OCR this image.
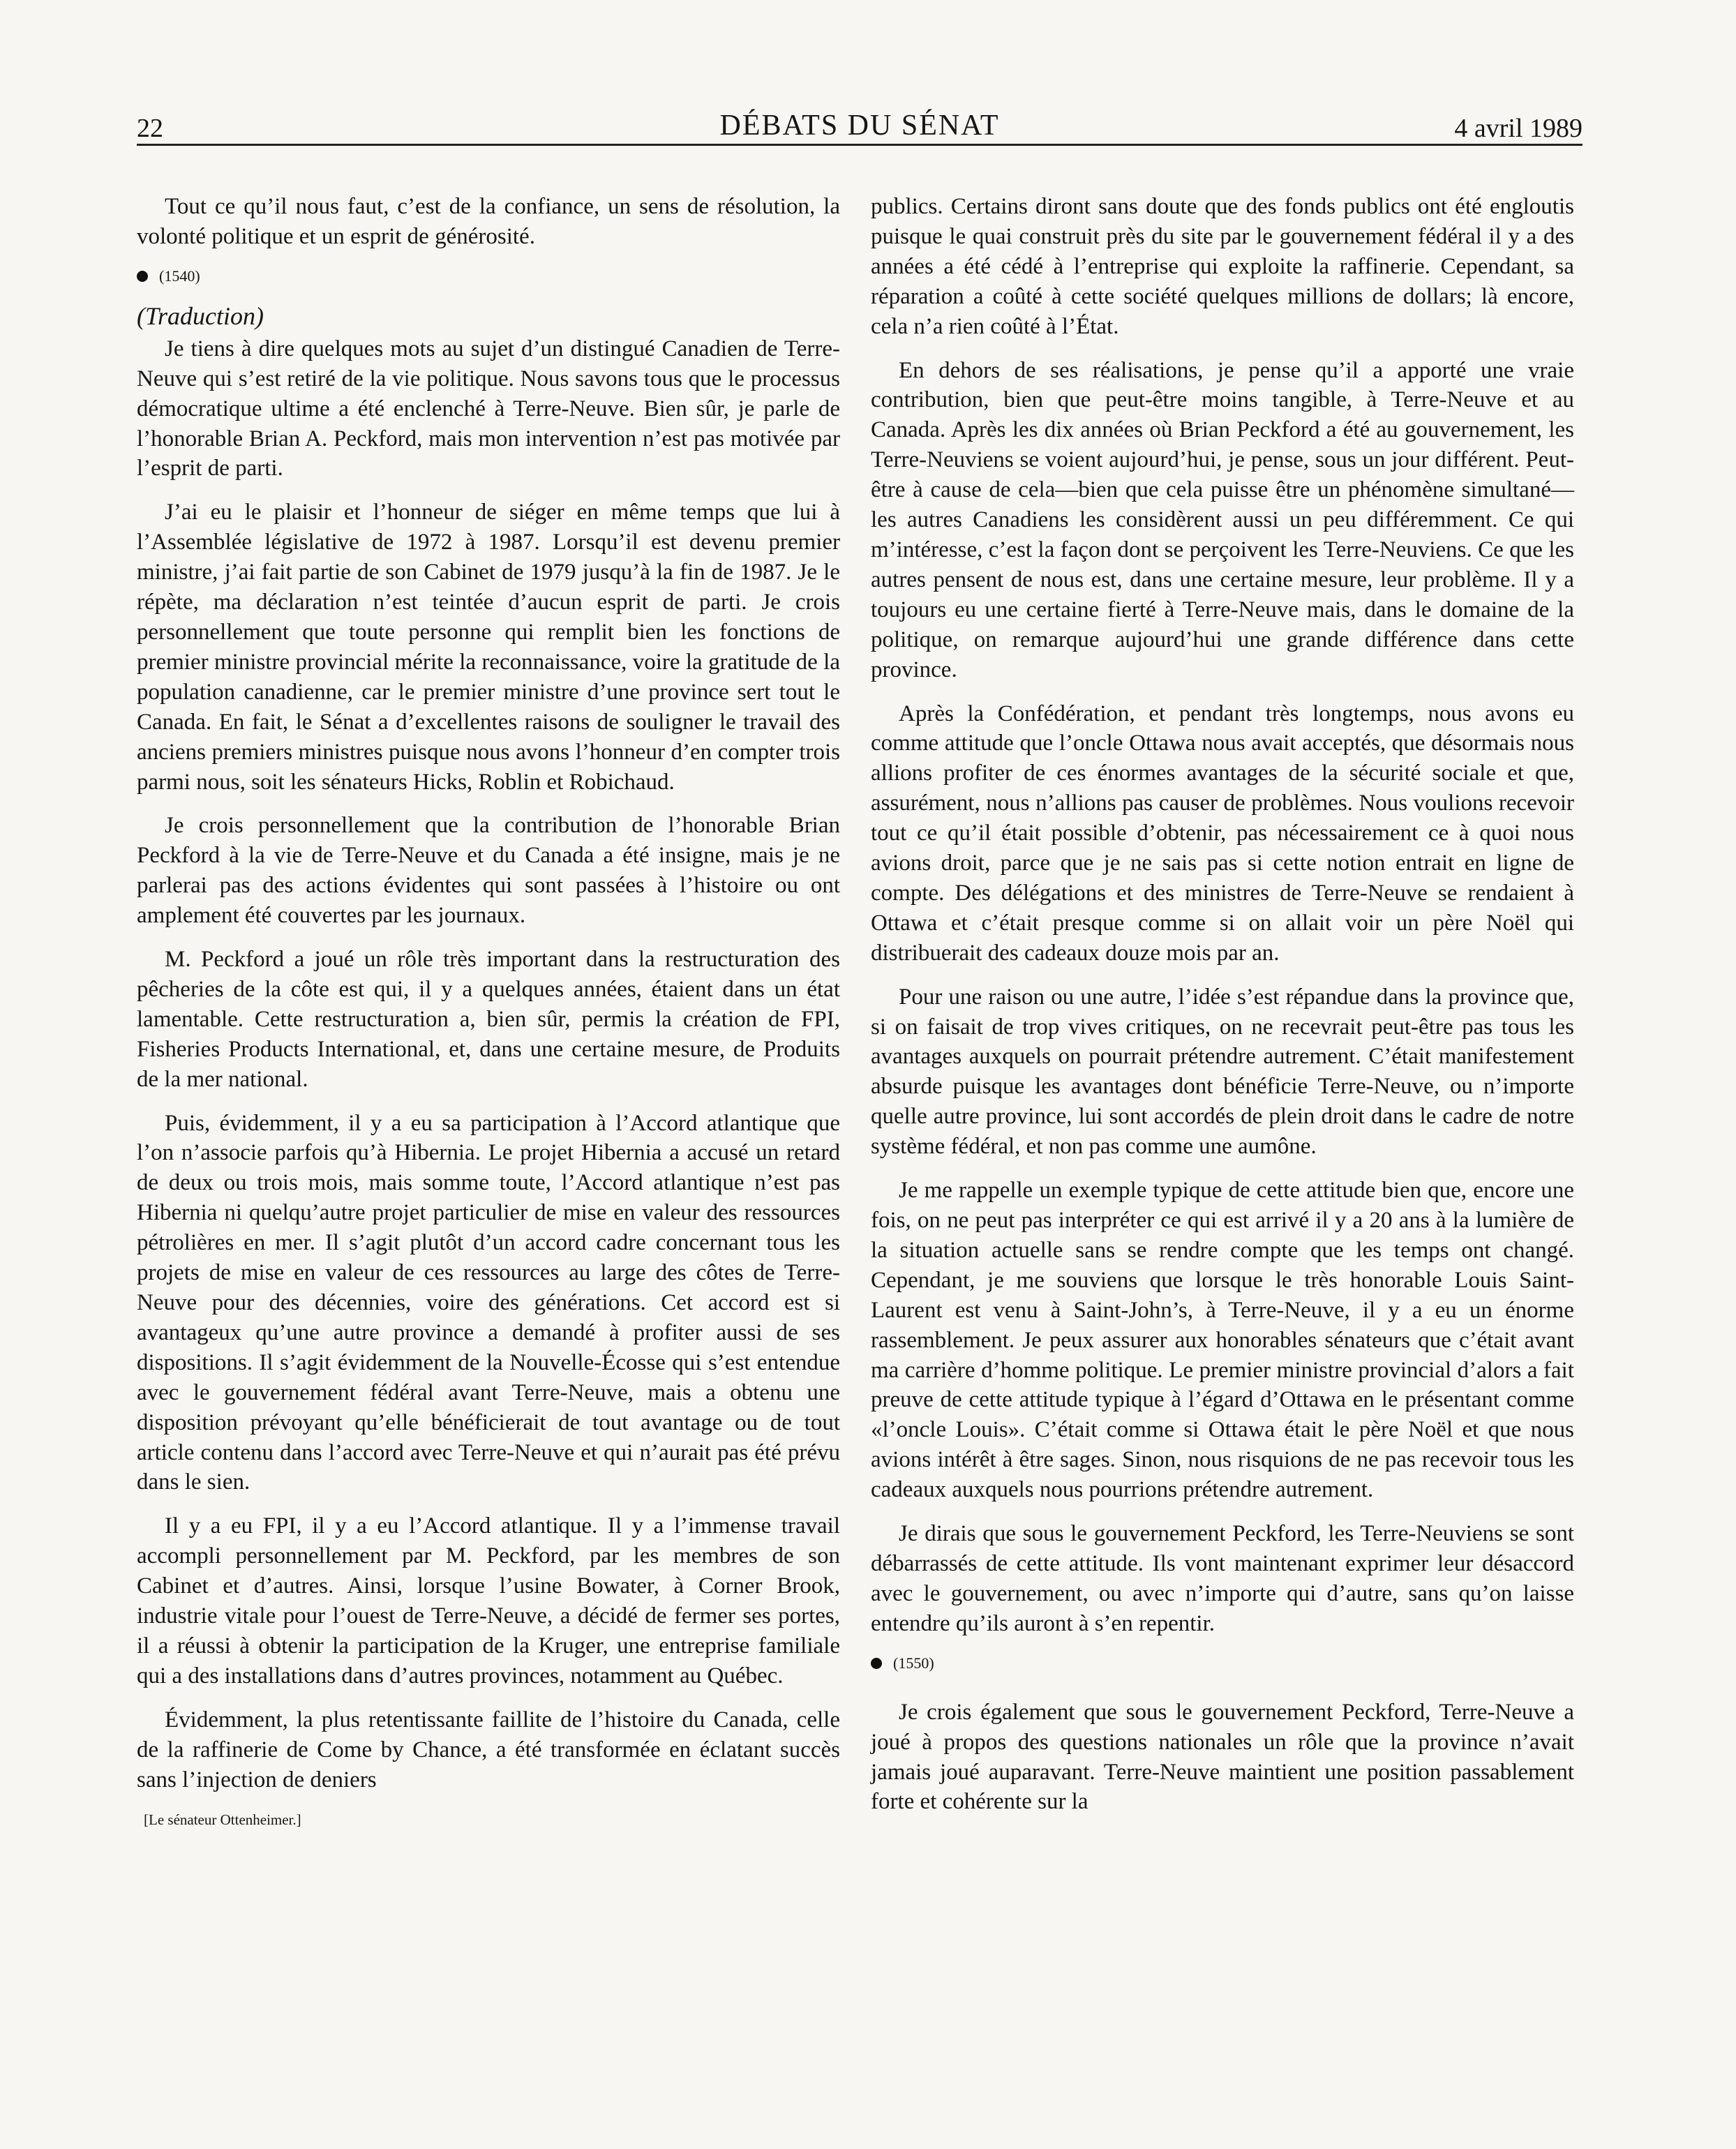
22	DÉBATS DU SÉNAT	4 avril 1989

Tout ce qu’il nous faut, c’est de la confiance, un sens de résolution, la volonté politique et un esprit de générosité.

(1540)
(Traduction)

Je tiens à dire quelques mots au sujet d’un distingué Canadien de Terre-Neuve qui s’est retiré de la vie politique. Nous savons tous que le processus démocratique ultime a été enclenché à Terre-Neuve. Bien sûr, je parle de l’honorable Brian A. Peckford, mais mon intervention n’est pas motivée par l’esprit de parti.

J’ai eu le plaisir et l’honneur de siéger en même temps que lui à l’Assemblée législative de 1972 à 1987. Lorsqu’il est devenu premier ministre, j’ai fait partie de son Cabinet de 1979 jusqu’à la fin de 1987. Je le répète, ma déclaration n’est teintée d’aucun esprit de parti. Je crois personnellement que toute personne qui remplit bien les fonctions de premier ministre provincial mérite la reconnaissance, voire la gratitude de la population canadienne, car le premier ministre d’une province sert tout le Canada. En fait, le Sénat a d’excellentes raisons de souligner le travail des anciens premiers ministres puisque nous avons l’honneur d’en compter trois parmi nous, soit les sénateurs Hicks, Roblin et Robichaud.

Je crois personnellement que la contribution de l’honorable Brian Peckford à la vie de Terre-Neuve et du Canada a été insigne, mais je ne parlerai pas des actions évidentes qui sont passées à l’histoire ou ont amplement été couvertes par les journaux.

M. Peckford a joué un rôle très important dans la restructuration des pêcheries de la côte est qui, il y a quelques années, étaient dans un état lamentable. Cette restructuration a, bien sûr, permis la création de FPI, Fisheries Products International, et, dans une certaine mesure, de Produits de la mer national.

Puis, évidemment, il y a eu sa participation à l’Accord atlantique que l’on n’associe parfois qu’à Hibernia. Le projet Hibernia a accusé un retard de deux ou trois mois, mais somme toute, l’Accord atlantique n’est pas Hibernia ni quelqu’autre projet particulier de mise en valeur des ressources pétrolières en mer. Il s’agit plutôt d’un accord cadre concernant tous les projets de mise en valeur de ces ressources au large des côtes de Terre-Neuve pour des décennies, voire des générations. Cet accord est si avantageux qu’une autre province a demandé à profiter aussi de ses dispositions. Il s’agit évidemment de la Nouvelle-Écosse qui s’est entendue avec le gouvernement fédéral avant Terre-Neuve, mais a obtenu une disposition prévoyant qu’elle bénéficierait de tout avantage ou de tout article contenu dans l’accord avec Terre-Neuve et qui n’aurait pas été prévu dans le sien.

Il y a eu FPI, il y a eu l’Accord atlantique. Il y a l’immense travail accompli personnellement par M. Peckford, par les membres de son Cabinet et d’autres. Ainsi, lorsque l’usine Bowater, à Corner Brook, industrie vitale pour l’ouest de Terre-Neuve, a décidé de fermer ses portes, il a réussi à obtenir la participation de la Kruger, une entreprise familiale qui a des installations dans d’autres provinces, notamment au Québec.

Évidemment, la plus retentissante faillite de l’histoire du Canada, celle de la raffinerie de Come by Chance, a été transformée en éclatant succès sans l’injection de deniers

[Le sénateur Ottenheimer.]

publics. Certains diront sans doute que des fonds publics ont été engloutis puisque le quai construit près du site par le gouvernement fédéral il y a des années a été cédé à l’entreprise qui exploite la raffinerie. Cependant, sa réparation a coûté à cette société quelques millions de dollars; là encore, cela n’a rien coûté à l’État.

En dehors de ses réalisations, je pense qu’il a apporté une vraie contribution, bien que peut-être moins tangible, à Terre-Neuve et au Canada. Après les dix années où Brian Peckford a été au gouvernement, les Terre-Neuviens se voient aujourd’hui, je pense, sous un jour différent. Peut-être à cause de cela—bien que cela puisse être un phénomène simultané—les autres Canadiens les considèrent aussi un peu différemment. Ce qui m’intéresse, c’est la façon dont se perçoivent les Terre-Neuviens. Ce que les autres pensent de nous est, dans une certaine mesure, leur problème. Il y a toujours eu une certaine fierté à Terre-Neuve mais, dans le domaine de la politique, on remarque aujourd’hui une grande différence dans cette province.

Après la Confédération, et pendant très longtemps, nous avons eu comme attitude que l’oncle Ottawa nous avait acceptés, que désormais nous allions profiter de ces énormes avantages de la sécurité sociale et que, assurément, nous n’allions pas causer de problèmes. Nous voulions recevoir tout ce qu’il était possible d’obtenir, pas nécessairement ce à quoi nous avions droit, parce que je ne sais pas si cette notion entrait en ligne de compte. Des délégations et des ministres de Terre-Neuve se rendaient à Ottawa et c’était presque comme si on allait voir un père Noël qui distribuerait des cadeaux douze mois par an.

Pour une raison ou une autre, l’idée s’est répandue dans la province que, si on faisait de trop vives critiques, on ne recevrait peut-être pas tous les avantages auxquels on pourrait prétendre autrement. C’était manifestement absurde puisque les avantages dont bénéficie Terre-Neuve, ou n’importe quelle autre province, lui sont accordés de plein droit dans le cadre de notre système fédéral, et non pas comme une aumône.

Je me rappelle un exemple typique de cette attitude bien que, encore une fois, on ne peut pas interpréter ce qui est arrivé il y a 20 ans à la lumière de la situation actuelle sans se rendre compte que les temps ont changé. Cependant, je me souviens que lorsque le très honorable Louis Saint-Laurent est venu à Saint-John’s, à Terre-Neuve, il y a eu un énorme rassemblement. Je peux assurer aux honorables sénateurs que c’était avant ma carrière d’homme politique. Le premier ministre provincial d’alors a fait preuve de cette attitude typique à l’égard d’Ottawa en le présentant comme «l’oncle Louis». C’était comme si Ottawa était le père Noël et que nous avions intérêt à être sages. Sinon, nous risquions de ne pas recevoir tous les cadeaux auxquels nous pourrions prétendre autrement.

Je dirais que sous le gouvernement Peckford, les Terre-Neuviens se sont débarrassés de cette attitude. Ils vont maintenant exprimer leur désaccord avec le gouvernement, ou avec n’importe qui d’autre, sans qu’on laisse entendre qu’ils auront à s’en repentir.

(1550)

Je crois également que sous le gouvernement Peckford, Terre-Neuve a joué à propos des questions nationales un rôle que la province n’avait jamais joué auparavant. Terre-Neuve maintient une position passablement forte et cohérente sur la
